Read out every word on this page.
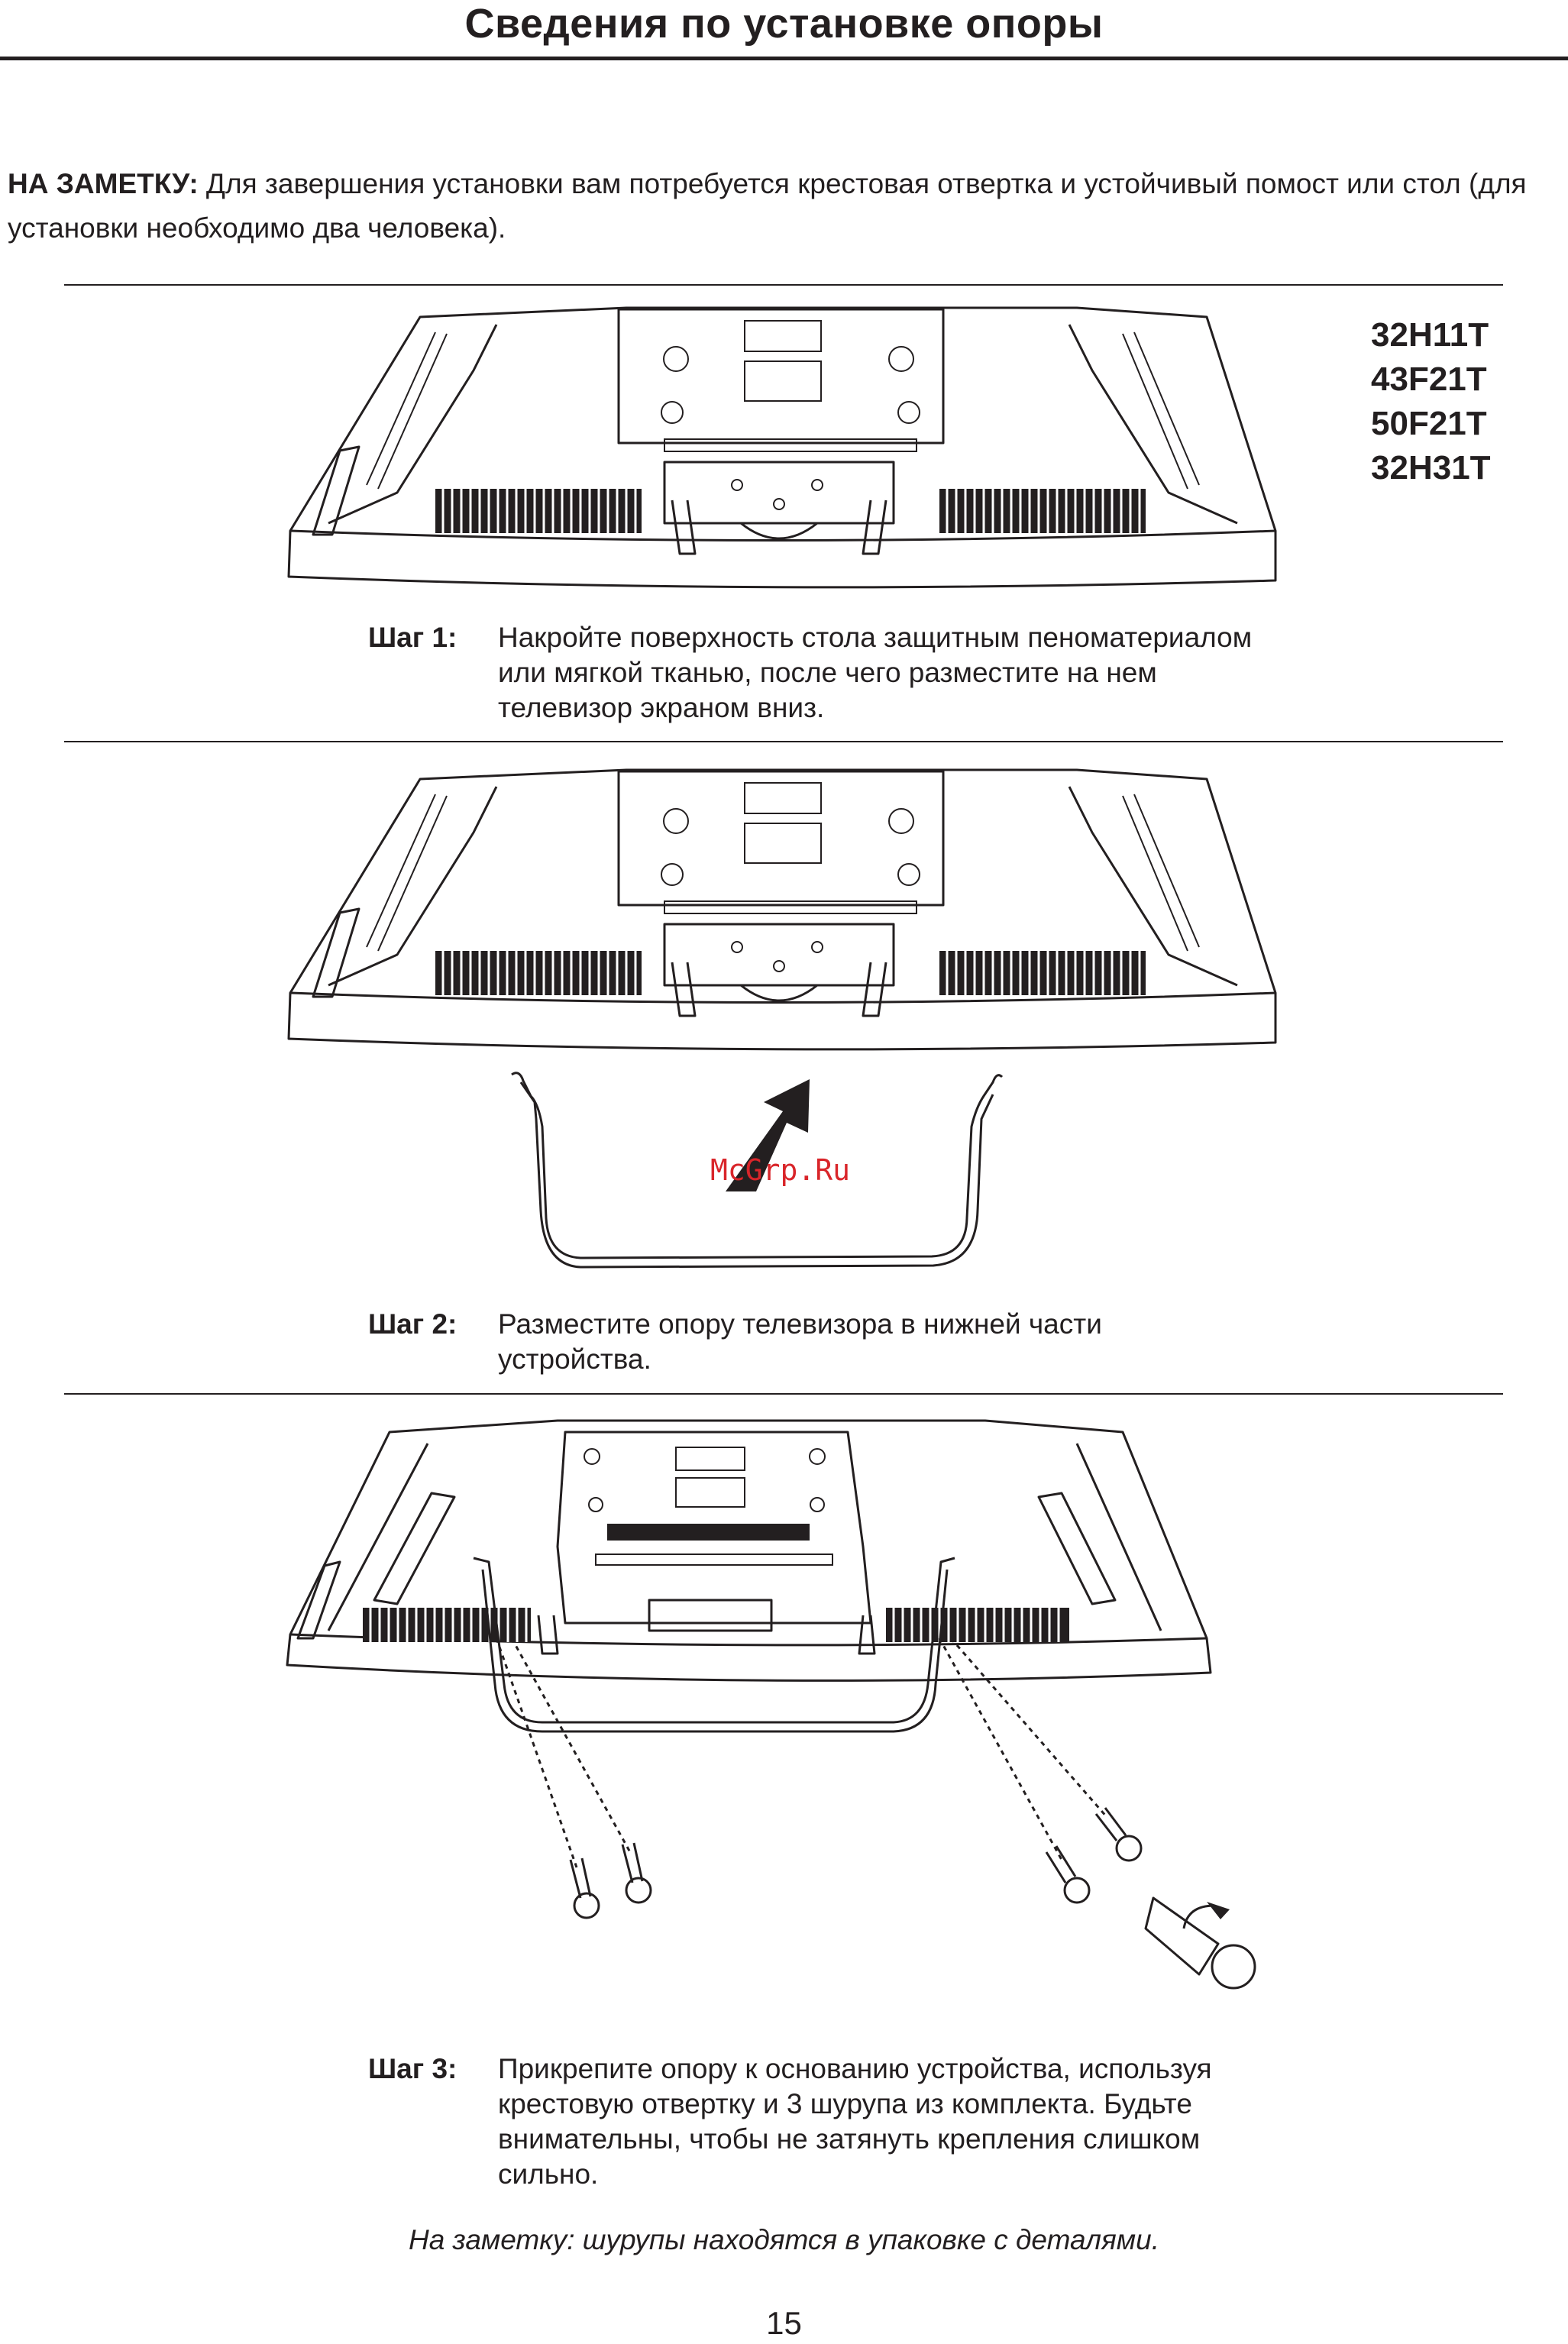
Сведения по установке опоры
НА ЗАМЕТКУ: Для завершения установки вам потребуется крестовая отвертка и устойчивый помост или стол (для установки необходимо два человека).
32H11T
43F21T
50F21T
32H31T
Шаг 1: Накройте поверхность стола защитным пеноматериалом или мягкой тканью, после чего разместите на нем телевизор экраном вниз.
McGrp.Ru
Шаг 2: Разместите опору телевизора в нижней части устройства.
Шаг 3: Прикрепите опору к основанию устройства, используя крестовую отвертку и 3 шурупа из комплекта. Будьте внимательны, чтобы не затянуть крепления слишком сильно.
На заметку: шурупы находятся в упаковке с деталями.
15
